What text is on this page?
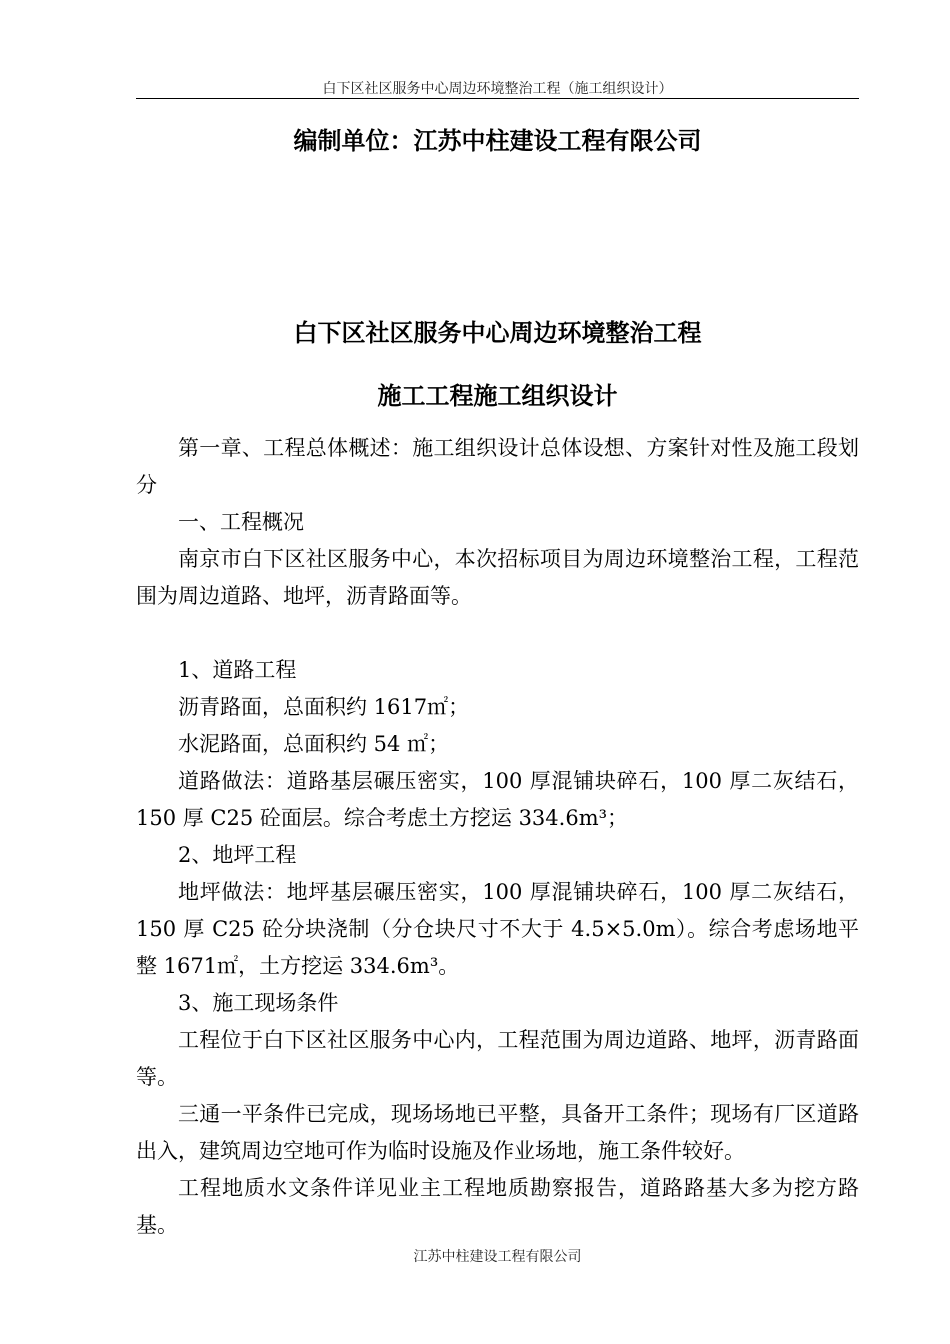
白下区社区服务中心周边环境整治工程（施工组织设计）
编制单位：江苏中柱建设工程有限公司
白下区社区服务中心周边环境整治工程
施工工程施工组织设计

第一章、工程总体概述：施工组织设计总体设想、方案针对性及施工段划分

一、工程概况

南京市白下区社区服务中心，本次招标项目为周边环境整治工程，工程范围为周边道路、地坪，沥青路面等。

1、道路工程

沥青路面，总面积约 1617㎡；

水泥路面，总面积约 54 ㎡；

道路做法：道路基层碾压密实，100 厚混铺块碎石，100 厚二灰结石，150 厚 C25 砼面层。综合考虑土方挖运 334.6m³；

2、地坪工程

地坪做法：地坪基层碾压密实，100 厚混铺块碎石，100 厚二灰结石，150 厚 C25 砼分块浇制（分仓块尺寸不大于 4.5×5.0m）。综合考虑场地平整 1671㎡，土方挖运 334.6m³。

3、施工现场条件

工程位于白下区社区服务中心内，工程范围为周边道路、地坪，沥青路面等。

三通一平条件已完成，现场场地已平整，具备开工条件；现场有厂区道路出入，建筑周边空地可作为临时设施及作业场地，施工条件较好。

工程地质水文条件详见业主工程地质勘察报告，道路路基大多为挖方路基。

江苏中柱建设工程有限公司
